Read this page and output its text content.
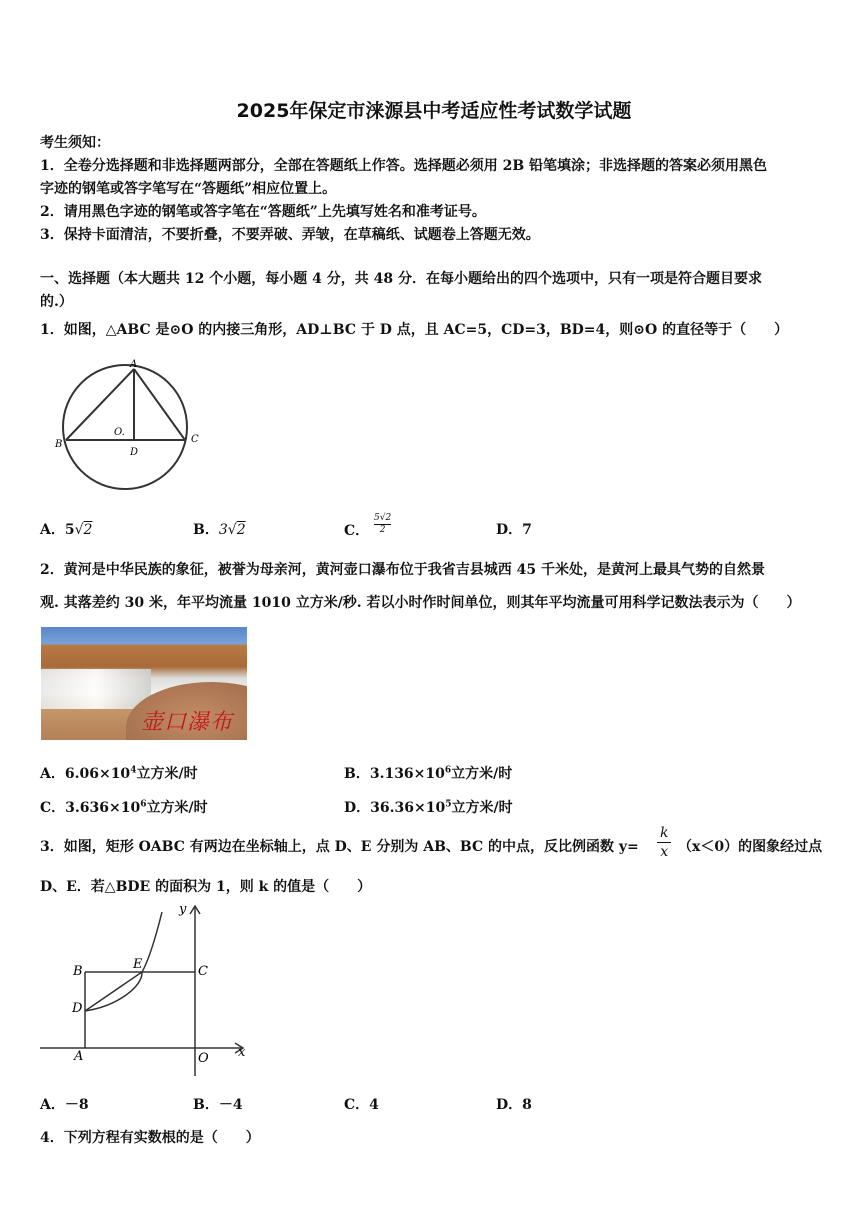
2025年保定市涞源县中考适应性考试数学试题
考生须知：
1．全卷分选择题和非选择题两部分，全部在答题纸上作答。选择题必须用 2B 铅笔填涂；非选择题的答案必须用黑色
字迹的钢笔或答字笔写在“答题纸”相应位置上。
2．请用黑色字迹的钢笔或答字笔在“答题纸”上先填写姓名和准考证号。
3．保持卡面清洁，不要折叠，不要弄破、弄皱，在草稿纸、试题卷上答题无效。
一、选择题（本大题共 12 个小题，每小题 4 分，共 48 分．在每小题给出的四个选项中，只有一项是符合题目要求
的.）
1．如图，△ABC 是⊙O 的内接三角形，AD⊥BC 于 D 点，且 AC=5，CD=3，BD=4，则⊙O 的直径等于（　　）
A
B	C
D
O.
A．5√2	B．3√2	C． $\frac{5√2}{2}$	D．7
2．黄河是中华民族的象征，被誉为母亲河，黄河壶口瀑布位于我省吉县城西 45 千米处，是黄河上最具气势的自然景
观. 其落差约 30 米，年平均流量 1010 立方米/秒. 若以小时作时间单位，则其年平均流量可用科学记数法表示为（　　）
壶口瀑布
A．$6.06\times 10^4$立方米/时	B．$3.136\times 10^6$立方米/时
C．$3.636\times 10^6$立方米/时	D．$36.36\times 10^5$立方米/时
3．如图，矩形 OABC 有两边在坐标轴上，点 D、E 分别为 AB、BC 的中点，反比例函数 y=
k
x （x＜0）的图象经过点
D、E．若△BDE 的面积为 1，则 k 的值是（　　）
y
x
B	E	C
D
A	O
A．－8	B．－4	C．4	D．8
4．下列方程有实数根的是（　　）
